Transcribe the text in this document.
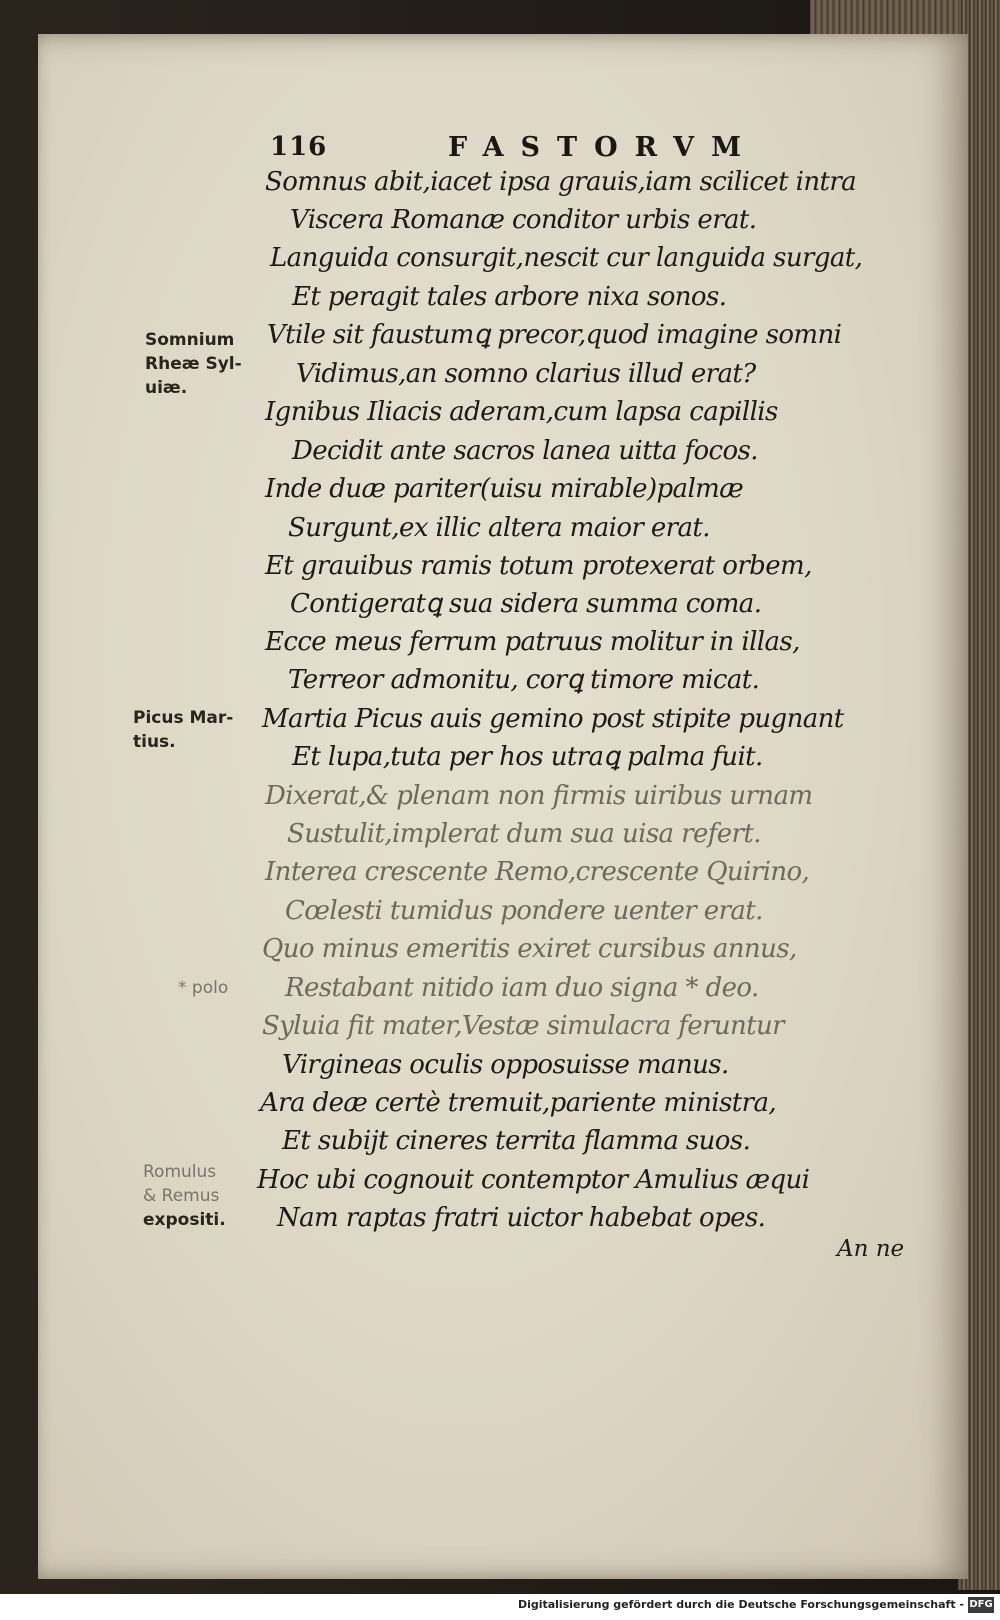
116	FASTORVM
Somnus abit,iacet ipsa grauis,iam scilicet intra
Viscera Romanæ conditor urbis erat.
Languida consurgit,nescit cur languida surgat,
Et peragit tales arbore nixa sonos.
Vtile sit faustumꝗ precor,quod imagine somni
Vidimus,an somno clarius illud erat?
Ignibus Iliacis aderam,cum lapsa capillis
Decidit ante sacros lanea uitta focos.
Inde duæ pariter(uisu mirable)palmæ
Surgunt,ex illic altera maior erat.
Et grauibus ramis totum protexerat orbem,
Contigeratꝗ sua sidera summa coma.
Ecce meus ferrum patruus molitur in illas,
Terreor admonitu, corꝗ timore micat.
Martia Picus auis gemino post stipite pugnant
Et lupa,tuta per hos utraꝗ palma fuit.
Dixerat,& plenam non firmis uiribus urnam
Sustulit,implerat dum sua uisa refert.
Interea crescente Remo,crescente Quirino,
Cœlesti tumidus pondere uenter erat.
Quo minus emeritis exiret cursibus annus,
Restabant nitido iam duo signa * deo.
Syluia fit mater,Vestæ simulacra feruntur
Virgineas oculis opposuisse manus.
Ara deæ certè tremuit,pariente ministra,
Et subijt cineres territa flamma suos.
Hoc ubi cognouit contemptor Amulius æqui
Nam raptas fratri uictor habebat opes.
Somnium
Rheæ Syl-
uiæ.
Picus Mar-
tius.
* polo
Romulus
& Remus
expositi.
An ne
Digitalisierung gefördert durch die Deutsche Forschungsgemeinschaft - DFG
